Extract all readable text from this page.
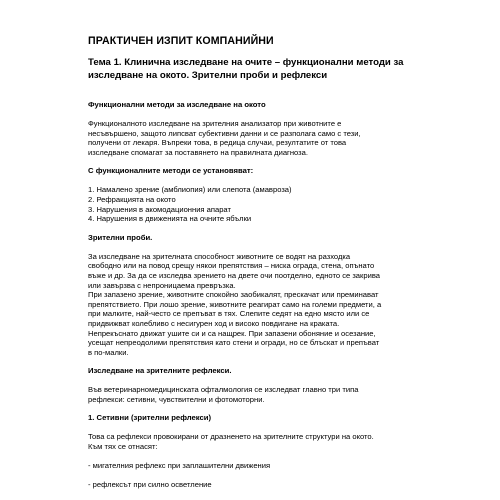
ПРАКТИЧЕН ИЗПИТ КОМПАНИЙНИ
Тема 1. Клинична изследване на очите – функционални методи за
изследване на окото. Зрителни проби и рефлекси
Функционални методи за изследване на окото
Функционалното изследване на зрителния анализатор при животните е
несъвършено, защото липсват субективни данни и се разполага само с тези,
получени от лекаря. Въпреки това, в редица случаи, резултатите от това
изследване спомагат за поставянето на правилната диагноза.
С функционалните методи се установяват:
1. Намалено зрение (амблиопия) или слепота (амавроза)
2. Рефракцията на окото
3. Нарушения в акомодационния апарат
4. Нарушения в движенията на очните ябълки
Зрителни проби.
За изследване на зрителната способност животните се водят на разходка
свободно или на повод срещу някои препятствия – ниска ограда, стена, опънато
въже и др. За да се изследва зрението на двете очи поотделно, едното се закрива
или завързва с непроницаема превръзка.
При запазено зрение, животните спокойно заобикалят, прескачат или преминават
препятствието. При лошо зрение, животните реагират само на големи предмети, а
при малките, най-често се препъват в тях. Слепите седят на едно място или се
придвижват колебливо с несигурен ход и високо повдигане на краката.
Непрекъснато движат ушите си и са нащрек. При запазени обоняние и осезание,
усещат непреодолими препятствия като стени и огради, но се блъскат и препъват
в по-малки.
Изследване на зрителните рефлекси.
Във ветеринарномедицинската офталмология се изследват главно три типа
рефлекси: сетивни, чувствителни и фотомоторни.
1. Сетивни (зрителни рефлекси)
Това са рефлекси провокирани от дразненето на зрителните структури на окото.
Към тях се отнасят:
- мигателния рефлекс при заплашителни движения
- рефлексът при силно осветление
